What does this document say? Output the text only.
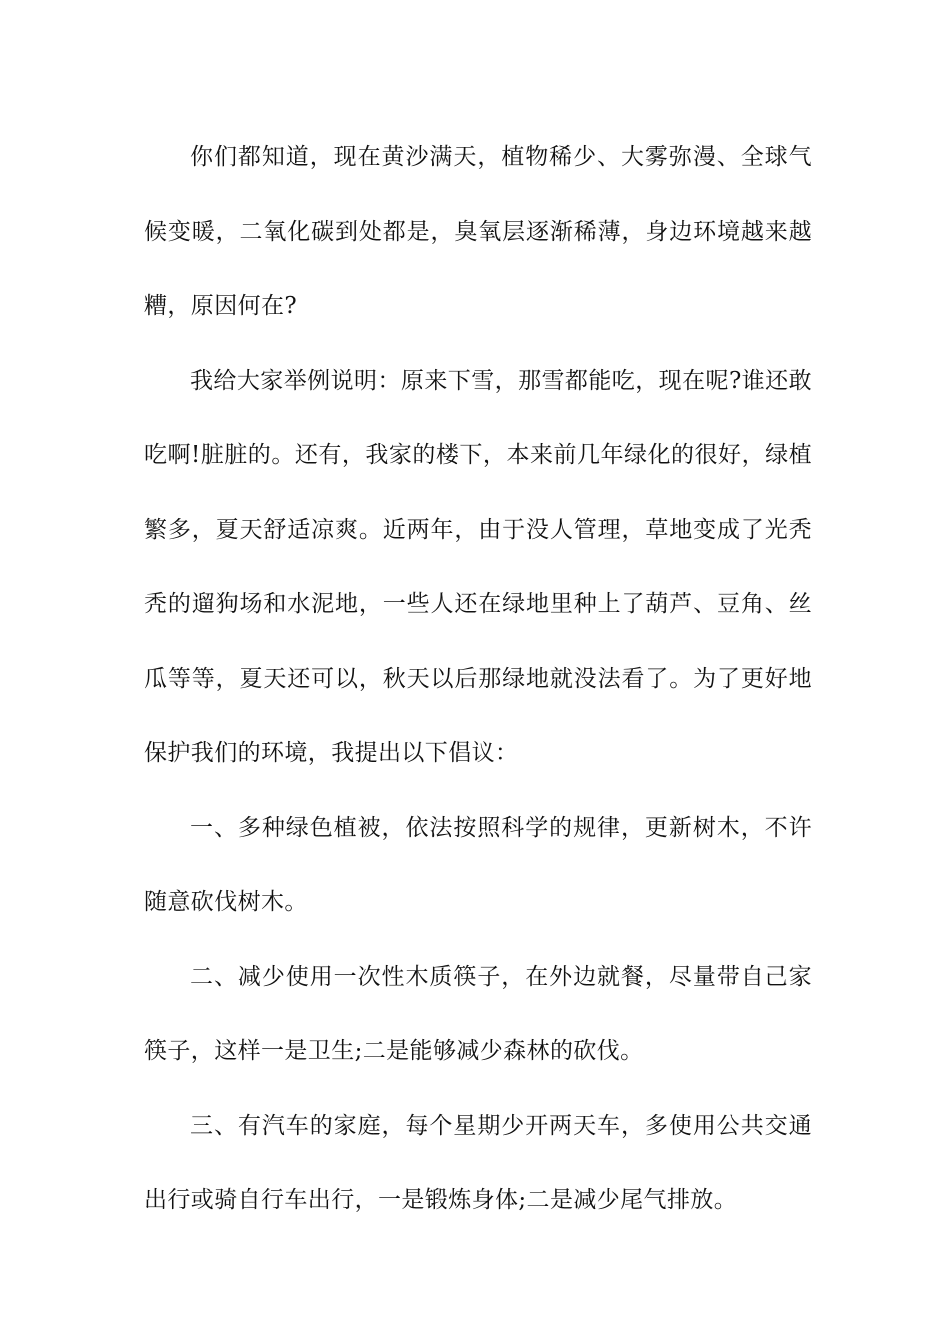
你们都知道，现在黄沙满天，植物稀少、大雾弥漫、全球气候变暖，二氧化碳到处都是，臭氧层逐渐稀薄，身边环境越来越糟，原因何在?

我给大家举例说明：原来下雪，那雪都能吃，现在呢?谁还敢吃啊!脏脏的。还有，我家的楼下，本来前几年绿化的很好，绿植繁多，夏天舒适凉爽。近两年，由于没人管理，草地变成了光秃秃的遛狗场和水泥地，一些人还在绿地里种上了葫芦、豆角、丝瓜等等，夏天还可以，秋天以后那绿地就没法看了。为了更好地保护我们的环境，我提出以下倡议：

一、多种绿色植被，依法按照科学的规律，更新树木，不许随意砍伐树木。

二、减少使用一次性木质筷子，在外边就餐，尽量带自己家筷子，这样一是卫生;二是能够减少森林的砍伐。

三、有汽车的家庭，每个星期少开两天车，多使用公共交通出行或骑自行车出行，一是锻炼身体;二是减少尾气排放。
